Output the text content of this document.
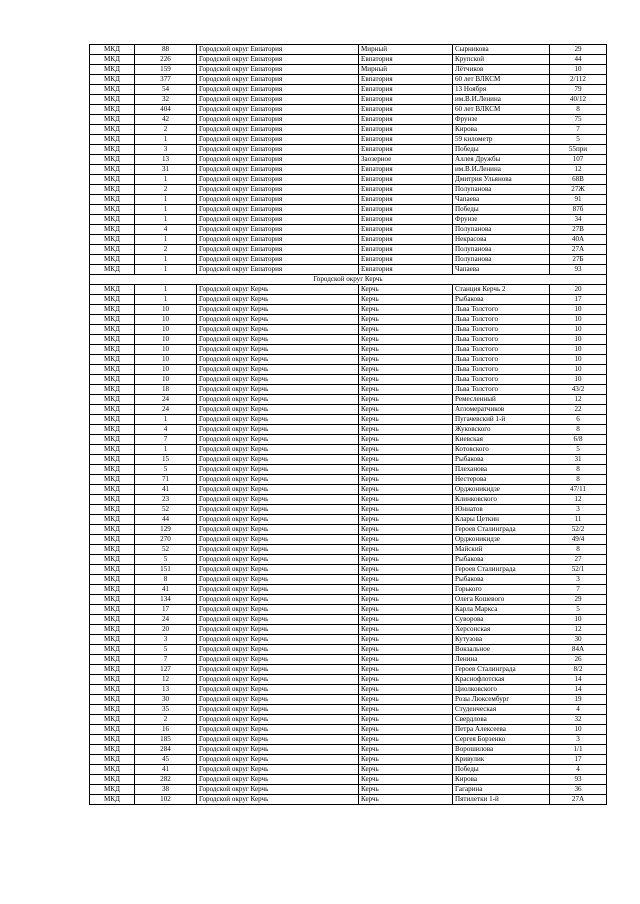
МКД	88	Городской округ Евпатория	Мирный	Сырникова	29
МКД	226	Городской округ Евпатория	Евпатория	Крупской	44
МКД	159	Городской округ Евпатория	Мирный	Лётчиков	10
МКД	377	Городской округ Евпатория	Евпатория	60 лет ВЛКСМ	2/112
МКД	54	Городской округ Евпатория	Евпатория	13 Ноября	79
МКД	32	Городской округ Евпатория	Евпатория	им.В.И.Ленина	40/12
МКД	404	Городской округ Евпатория	Евпатория	60 лет ВЛКСМ	8
МКД	42	Городской округ Евпатория	Евпатория	Фрунзе	75
МКД	2	Городской округ Евпатория	Евпатория	Кирова	7
МКД	1	Городской округ Евпатория	Евпатория	59 километр	5
МКД	3	Городской округ Евпатория	Евпатория	Победы	55при
МКД	13	Городской округ Евпатория	Заозерное	Аллея Дружбы	107
МКД	31	Городской округ Евпатория	Евпатория	им.В.И.Ленина	12
МКД	1	Городской округ Евпатория	Евпатория	Дмитрия Ульянова	68В
МКД	2	Городской округ Евпатория	Евпатория	Полупанова	27Ж
МКД	1	Городской округ Евпатория	Евпатория	Чапаева	91
МКД	1	Городской округ Евпатория	Евпатория	Победы	87б
МКД	1	Городской округ Евпатория	Евпатория	Фрунзе	34
МКД	4	Городской округ Евпатория	Евпатория	Полупанова	27В
МКД	1	Городской округ Евпатория	Евпатория	Некрасова	40А
МКД	2	Городской округ Евпатория	Евпатория	Полупанова	27А
МКД	1	Городской округ Евпатория	Евпатория	Полупанова	27Б
МКД	1	Городской округ Евпатория	Евпатория	Чапаева	93
Городской округ Керчь					
МКД	1	Городской округ Керчь	Керчь	Станция Керчь 2	20
МКД	1	Городской округ Керчь	Керчь	Рыбакова	17
МКД	10	Городской округ Керчь	Керчь	Льва Толстого	10
МКД	10	Городской округ Керчь	Керчь	Льва Толстого	10
МКД	10	Городской округ Керчь	Керчь	Льва Толстого	10
МКД	10	Городской округ Керчь	Керчь	Льва Толстого	10
МКД	10	Городской округ Керчь	Керчь	Льва Толстого	10
МКД	10	Городской округ Керчь	Керчь	Льва Толстого	10
МКД	10	Городской округ Керчь	Керчь	Льва Толстого	10
МКД	10	Городской округ Керчь	Керчь	Льва Толстого	10
МКД	18	Городской округ Керчь	Керчь	Льва Толстого	43/2
МКД	24	Городской округ Керчь	Керчь	Ремесленный	12
МКД	24	Городской округ Керчь	Керчь	Агломератчиков	22
МКД	1	Городской округ Керчь	Керчь	Пугачевский 1-й	6
МКД	4	Городской округ Керчь	Керчь	Жуковского	8
МКД	7	Городской округ Керчь	Керчь	Киевская	6/8
МКД	1	Городской округ Керчь	Керчь	Котовского	5
МКД	15	Городской округ Керчь	Керчь	Рыбакова	31
МКД	5	Городской округ Керчь	Керчь	Плеханова	8
МКД	71	Городской округ Керчь	Керчь	Нестерова	8
МКД	41	Городской округ Керчь	Керчь	Орджоникидзе	47/11
МКД	23	Городской округ Керчь	Керчь	Клинковского	12
МКД	52	Городской округ Керчь	Керчь	Юннатов	3
МКД	44	Городской округ Керчь	Керчь	Клары Цеткин	11
МКД	129	Городской округ Керчь	Керчь	Героев Сталинграда	52/2
МКД	270	Городской округ Керчь	Керчь	Орджоникидзе	49/4
МКД	52	Городской округ Керчь	Керчь	Майский	8
МКД	5	Городской округ Керчь	Керчь	Рыбакова	27
МКД	151	Городской округ Керчь	Керчь	Героев Сталинграда	52/1
МКД	8	Городской округ Керчь	Керчь	Рыбакова	3
МКД	41	Городской округ Керчь	Керчь	Горького	7
МКД	134	Городской округ Керчь	Керчь	Олега Кошевого	29
МКД	17	Городской округ Керчь	Керчь	Карла Маркса	5
МКД	24	Городской округ Керчь	Керчь	Суворова	10
МКД	20	Городской округ Керчь	Керчь	Херсонская	12
МКД	3	Городской округ Керчь	Керчь	Кутузова	30
МКД	5	Городской округ Керчь	Керчь	Вокзальное	84А
МКД	7	Городской округ Керчь	Керчь	Ленина	26
МКД	127	Городской округ Керчь	Керчь	Героев Сталинграда	8/2
МКД	12	Городской округ Керчь	Керчь	Краснофлотская	14
МКД	13	Городской округ Керчь	Керчь	Циолковского	14
МКД	30	Городской округ Керчь	Керчь	Розы Люксембург	19
МКД	35	Городской округ Керчь	Керчь	Студенческая	4
МКД	2	Городской округ Керчь	Керчь	Свердлова	32
МКД	16	Городской округ Керчь	Керчь	Петра Алексеева	10
МКД	185	Городской округ Керчь	Керчь	Сергея Борзенко	3
МКД	284	Городской округ Керчь	Керчь	Ворошилова	1/1
МКД	45	Городской округ Керчь	Керчь	Кривулик	17
МКД	41	Городской округ Керчь	Керчь	Победы	4
МКД	282	Городской округ Керчь	Керчь	Кирова	93
МКД	38	Городской округ Керчь	Керчь	Гагарина	36
МКД	102	Городской округ Керчь	Керчь	Пятилетки 1-й	27А
